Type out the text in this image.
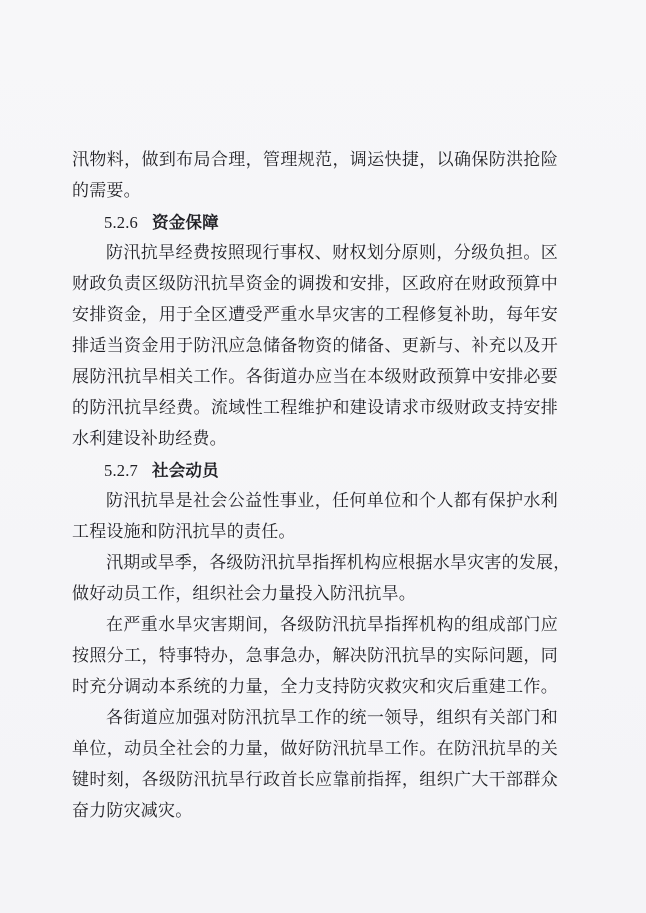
汛物料，做到布局合理，管理规范，调运快捷，以确保防洪抢险
的需要。
5.2.6 资金保障
防汛抗旱经费按照现行事权、财权划分原则，分级负担。区
财政负责区级防汛抗旱资金的调拨和安排，区政府在财政预算中
安排资金，用于全区遭受严重水旱灾害的工程修复补助，每年安
排适当资金用于防汛应急储备物资的储备、更新与、补充以及开
展防汛抗旱相关工作。各街道办应当在本级财政预算中安排必要
的防汛抗旱经费。流域性工程维护和建设请求市级财政支持安排
水利建设补助经费。
5.2.7 社会动员
防汛抗旱是社会公益性事业，任何单位和个人都有保护水利
工程设施和防汛抗旱的责任。
汛期或旱季，各级防汛抗旱指挥机构应根据水旱灾害的发展，
做好动员工作，组织社会力量投入防汛抗旱。
在严重水旱灾害期间，各级防汛抗旱指挥机构的组成部门应
按照分工，特事特办，急事急办，解决防汛抗旱的实际问题，同
时充分调动本系统的力量，全力支持防灾救灾和灾后重建工作。
各街道应加强对防汛抗旱工作的统一领导，组织有关部门和
单位，动员全社会的力量，做好防汛抗旱工作。在防汛抗旱的关
键时刻，各级防汛抗旱行政首长应靠前指挥，组织广大干部群众
奋力防灾减灾。
